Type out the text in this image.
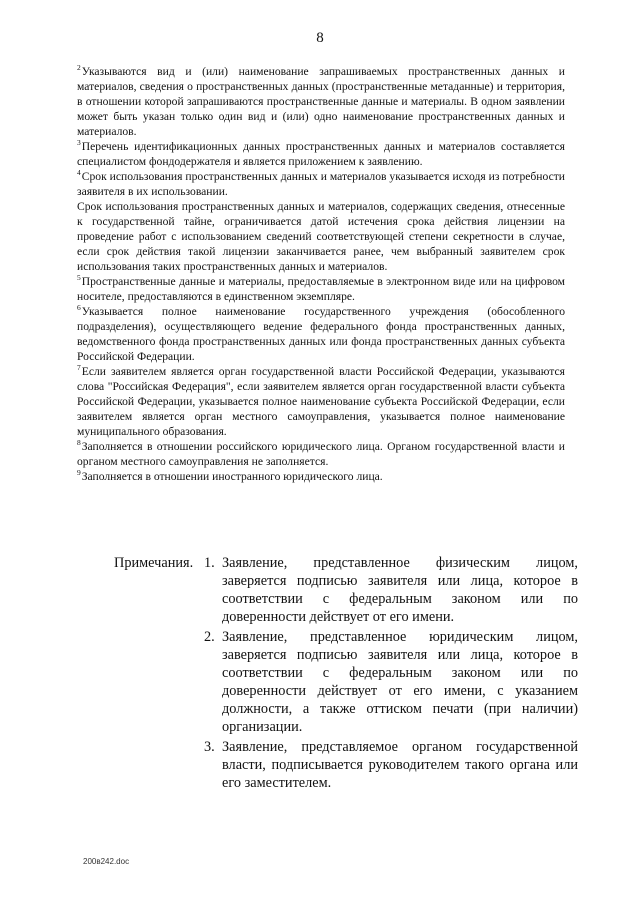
8

$^2$Указываются вид и (или) наименование запрашиваемых пространственных данных и материалов, сведения о пространственных данных (пространственные метаданные) и территория, в отношении которой запрашиваются пространственные данные и материалы. В одном заявлении может быть указан только один вид и (или) одно наименование пространственных данных и материалов.

$^3$Перечень идентификационных данных пространственных данных и материалов составляется специалистом фондодержателя и является приложением к заявлению.

$^4$Срок использования пространственных данных и материалов указывается исходя из потребности заявителя в их использовании.

Срок использования пространственных данных и материалов, содержащих сведения, отнесенные к государственной тайне, ограничивается датой истечения срока действия лицензии на проведение работ с использованием сведений соответствующей степени секретности в случае, если срок действия такой лицензии заканчивается ранее, чем выбранный заявителем срок использования таких пространственных данных и материалов.

$^5$Пространственные данные и материалы, предоставляемые в электронном виде или на цифровом носителе, предоставляются в единственном экземпляре.

$^6$Указывается полное наименование государственного учреждения (обособленного подразделения), осуществляющего ведение федерального фонда пространственных данных, ведомственного фонда пространственных данных или фонда пространственных данных субъекта Российской Федерации.

$^7$Если заявителем является орган государственной власти Российской Федерации, указываются слова "Российская Федерация", если заявителем является орган государственной власти субъекта Российской Федерации, указывается полное наименование субъекта Российской Федерации, если заявителем является орган местного самоуправления, указывается полное наименование муниципального образования.

$^8$Заполняется в отношении российского юридического лица. Органом государственной власти и органом местного самоуправления не заполняется.

$^9$Заполняется в отношении иностранного юридического лица.

Примечания. 1. Заявление, представленное физическим лицом, заверяется подписью заявителя или лица, которое в соответствии с федеральным законом или по доверенности действует от его имени.
2. Заявление, представленное юридическим лицом, заверяется подписью заявителя или лица, которое в соответствии с федеральным законом или по доверенности действует от его имени, с указанием должности, а также оттиском печати (при наличии) организации.
3. Заявление, представляемое органом государственной власти, подписывается руководителем такого органа или его заместителем.
200в242.doc
